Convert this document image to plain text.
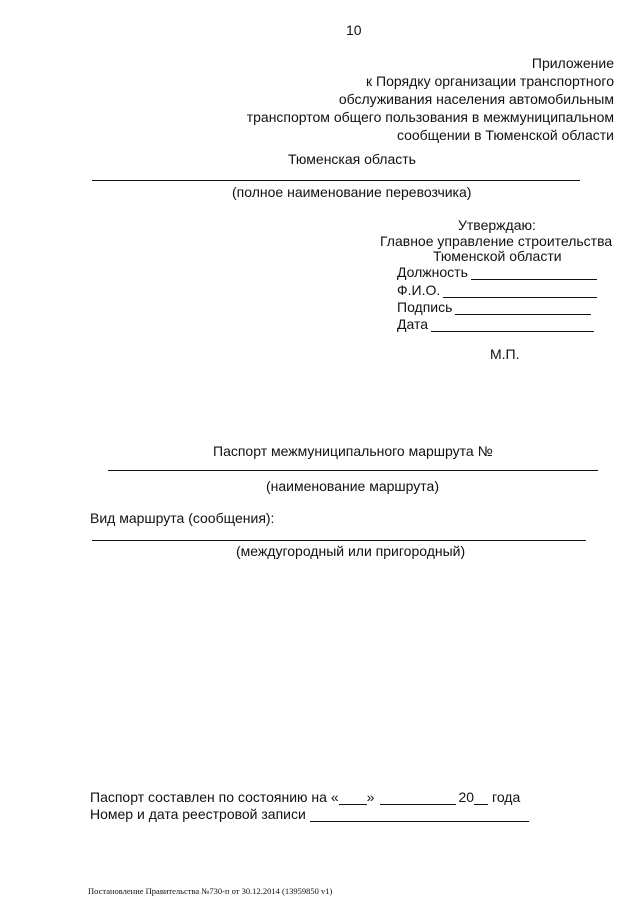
10
Приложение
к Порядку организации транспортного
обслуживания населения автомобильным
транспортом общего пользования в межмуниципальном
сообщении в Тюменской области
Тюменская область
(полное наименование перевозчика)
Утверждаю:
Главное управление строительства
Тюменской области
Должность
Ф.И.О.
Подпись
Дата
М.П.
Паспорт межмуниципального маршрута №
(наименование маршрута)
Вид маршрута (сообщения):
(междугородный или пригородный)
Паспорт составлен по состоянию на « »	20 года
Номер и дата реестровой записи
Постановление Правительства №730-п от 30.12.2014 (13959850 v1)
